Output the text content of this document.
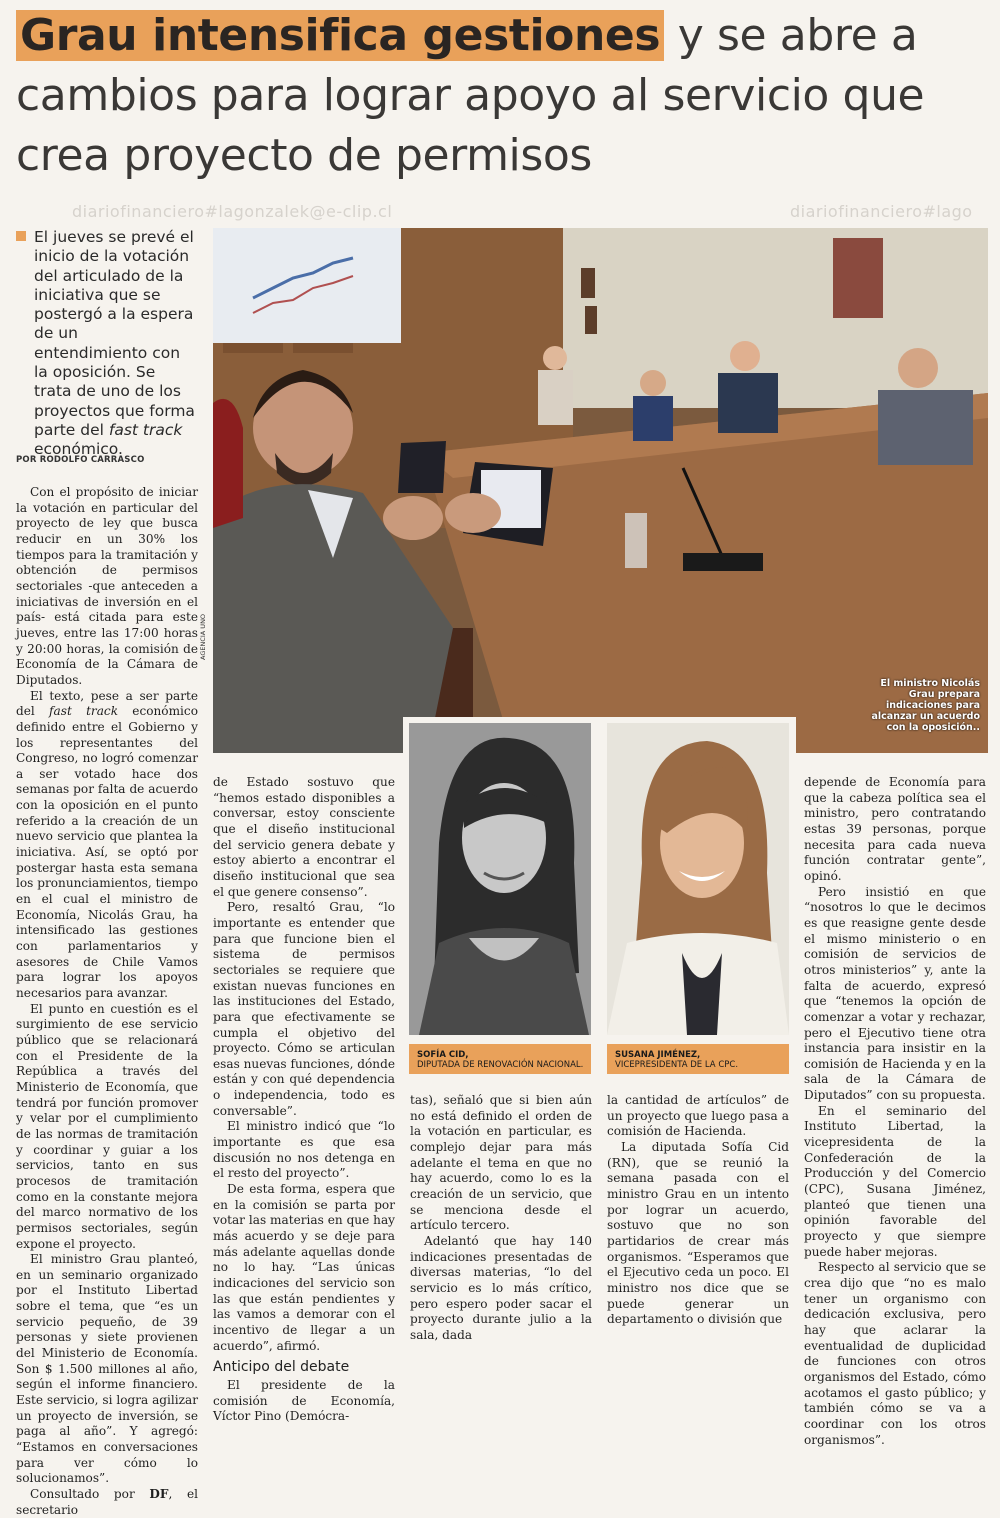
Grau intensifica gestiones y se abre a cambios para lograr apoyo al servicio que crea proyecto de permisos
diariofinanciero#lagonzalek@e-clip.cl	diariofinanciero#lago
El jueves se prevé el
inicio de la votación del articulado de la iniciativa que se postergó a la espera de un entendimiento con la oposición. Se trata de uno de los proyectos que forma parte del fast track económico.
POR RODOLFO CARRASCO
El ministro Nicolás Grau prepara indicaciones para alcanzar un acuerdo con la oposición..
AGENCIA UNO
SOFÍA CID,
DIPUTADA DE RENOVACIÓN NACIONAL.
SUSANA JIMÉNEZ,
VICEPRESIDENTA DE LA CPC.

Con el propósito de iniciar la votación en particular del proyecto de ley que busca reducir en un 30% los tiempos para la tramitación y obtención de permisos sectoriales -que anteceden a iniciativas de inversión en el país- está citada para este jueves, entre las 17:00 horas y 20:00 horas, la comisión de Economía de la Cámara de Diputados.

El texto, pese a ser parte del fast track económico definido entre el Gobierno y los representantes del Congreso, no logró comenzar a ser votado hace dos semanas por falta de acuerdo con la oposición en el punto referido a la creación de un nuevo servicio que plantea la iniciativa. Así, se optó por postergar hasta esta semana los pronunciamientos, tiempo en el cual el ministro de Economía, Nicolás Grau, ha intensificado las gestiones con parlamentarios y asesores de Chile Vamos para lograr los apoyos necesarios para avanzar.

El punto en cuestión es el surgimiento de ese servicio público que se relacionará con el Presidente de la República a través del Ministerio de Economía, que tendrá por función promover y velar por el cumplimiento de las normas de tramitación y coordinar y guiar a los servicios, tanto en sus procesos de tramitación como en la constante mejora del marco normativo de los permisos sectoriales, según expone el proyecto.

El ministro Grau planteó, en un seminario organizado por el Instituto Libertad sobre el tema, que “es un servicio pequeño, de 39 personas y siete provienen del Ministerio de Economía. Son $ 1.500 millones al año, según el informe financiero. Este servicio, si logra agilizar un proyecto de inversión, se paga al año”. Y agregó: “Estamos en conversaciones para ver cómo lo solucionamos”.

Consultado por DF, el secretario

de Estado sostuvo que “hemos estado disponibles a conversar, estoy consciente que el diseño institucional del servicio genera debate y estoy abierto a encontrar el diseño institucional que sea el que genere consenso”.

Pero, resaltó Grau, “lo importante es entender que para que funcione bien el sistema de permisos sectoriales se requiere que existan nuevas funciones en las instituciones del Estado, para que efectivamente se cumpla el objetivo del proyecto. Cómo se articulan esas nuevas funciones, dónde están y con qué dependencia o independencia, todo es conversable”.

El ministro indicó que “lo importante es que esa discusión no nos detenga en el resto del proyecto”.

De esta forma, espera que en la comisión se parta por votar las materias en que hay más acuerdo y se deje para más adelante aquellas donde no lo hay. “Las únicas indicaciones del servicio son las que están pendientes y las vamos a demorar con el incentivo de llegar a un acuerdo”, afirmó.

Anticipo del debate

El presidente de la comisión de Economía, Víctor Pino (Demócra-

tas), señaló que si bien aún no está definido el orden de la votación en particular, es complejo dejar para más adelante el tema en que no hay acuerdo, como lo es la creación de un servicio, que se menciona desde el artículo tercero.

Adelantó que hay 140 indicaciones presentadas de diversas materias, “lo del servicio es lo más crítico, pero espero poder sacar el proyecto durante julio a la sala, dada

la cantidad de artículos” de un proyecto que luego pasa a comisión de Hacienda.

La diputada Sofía Cid (RN), que se reunió la semana pasada con el ministro Grau en un intento por lograr un acuerdo, sostuvo que no son partidarios de crear más organismos. “Esperamos que el Ejecutivo ceda un poco. El ministro nos dice que se puede generar un departamento o división que

depende de Economía para que la cabeza política sea el ministro, pero contratando estas 39 personas, porque necesita para cada nueva función contratar gente”, opinó.

Pero insistió en que “nosotros lo que le decimos es que reasigne gente desde el mismo ministerio o en comisión de servicios de otros ministerios” y, ante la falta de acuerdo, expresó que “tenemos la opción de comenzar a votar y rechazar, pero el Ejecutivo tiene otra instancia para insistir en la comisión de Hacienda y en la sala de la Cámara de Diputados” con su propuesta.

En el seminario del Instituto Libertad, la vicepresidenta de la Confederación de la Producción y del Comercio (CPC), Susana Jiménez, planteó que tienen una opinión favorable del proyecto y que siempre puede haber mejoras.

Respecto al servicio que se crea dijo que “no es malo tener un organismo con dedicación exclusiva, pero hay que aclarar la eventualidad de duplicidad de funciones con otros organismos del Estado, cómo acotamos el gasto público; y también cómo se va a coordinar con los otros organismos”.
